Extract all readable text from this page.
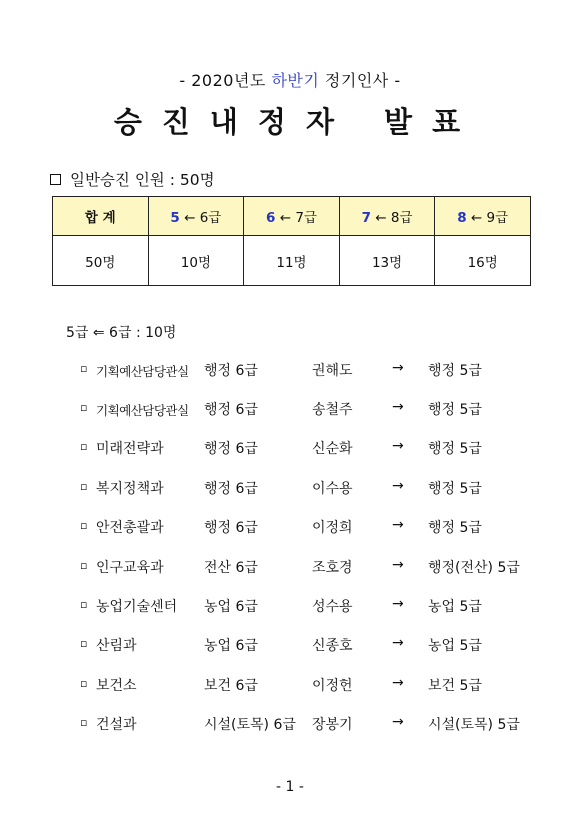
- 2020년도 하반기 정기인사 -
승진내정자 발표
일반승진 인원 : 50명
합 계	5 ← 6급	6 ← 7급	7 ← 8급	8 ← 9급
50명	10명	11명	13명	16명
5급 ⇐ 6급 : 10명
▫ 기획예산담당관실 행정 6급	권해도	→ 행정 5급
▫ 기획예산담당관실 행정 6급	송철주	→ 행정 5급
▫ 미래전략과	행정 6급	신순화	→ 행정 5급
▫ 복지정책과	행정 6급	이수용	→ 행정 5급
▫ 안전총괄과	행정 6급	이정희	→ 행정 5급
▫ 인구교육과	전산 6급	조호경	→ 행정(전산) 5급
▫ 농업기술센터 농업 6급	성수용	→ 농업 5급
▫ 산림과	농업 6급	신종호	→ 농업 5급
▫ 보건소	보건 6급	이정헌	→ 보건 5급
▫ 건설과	시설(토목) 6급 장봉기	→ 시설(토목) 5급
- 1 -
